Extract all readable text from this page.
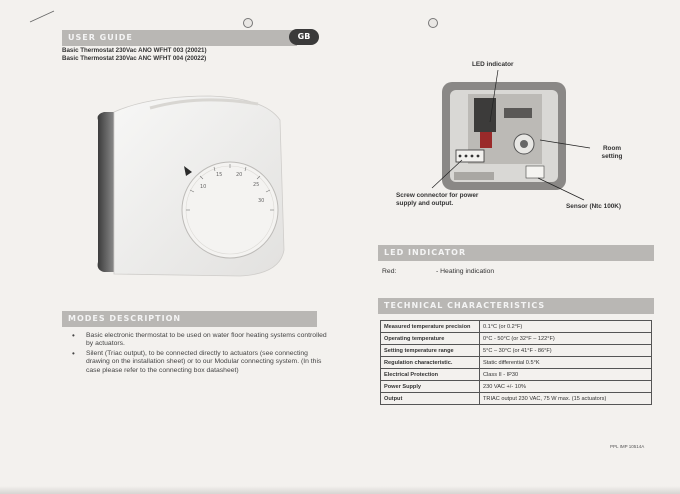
USER GUIDE	GB
Basic Thermostat 230Vac ANO WFHT 003 (20021)
Basic Thermostat 230Vac ANC WFHT 004 (20022)
10
15	20
25
30
MODES DESCRIPTION
• Basic electronic thermostat to be used on water floor heating systems controlled by actuators.
• Silent (Triac output), to be connected directly to actuators (see connecting drawing on the installation sheet) or to our Modular connecting system. (In this case please refer to the connecting box datasheet)
LED indicator
Room setting
Screw connector for power supply and output.	Sensor (Ntc 100K)
LED INDICATOR
Red:	- Heating indication
TECHNICAL CHARACTERISTICS
Measured temperature precision	0.1°C (or 0.2°F)
Operating temperature	0°C - 50°C (or 32°F – 122°F)
Setting temperature range	5°C – 30°C (or 41°F - 86°F)
Regulation characteristic.	Static differential 0.5°K
Electrical Protection	Class II - IP30
Power Supply	230 VAC +/- 10%
Output	TRIAC output 230 VAC, 75 W max. (15 actuators)
PPL IMP 10514A
